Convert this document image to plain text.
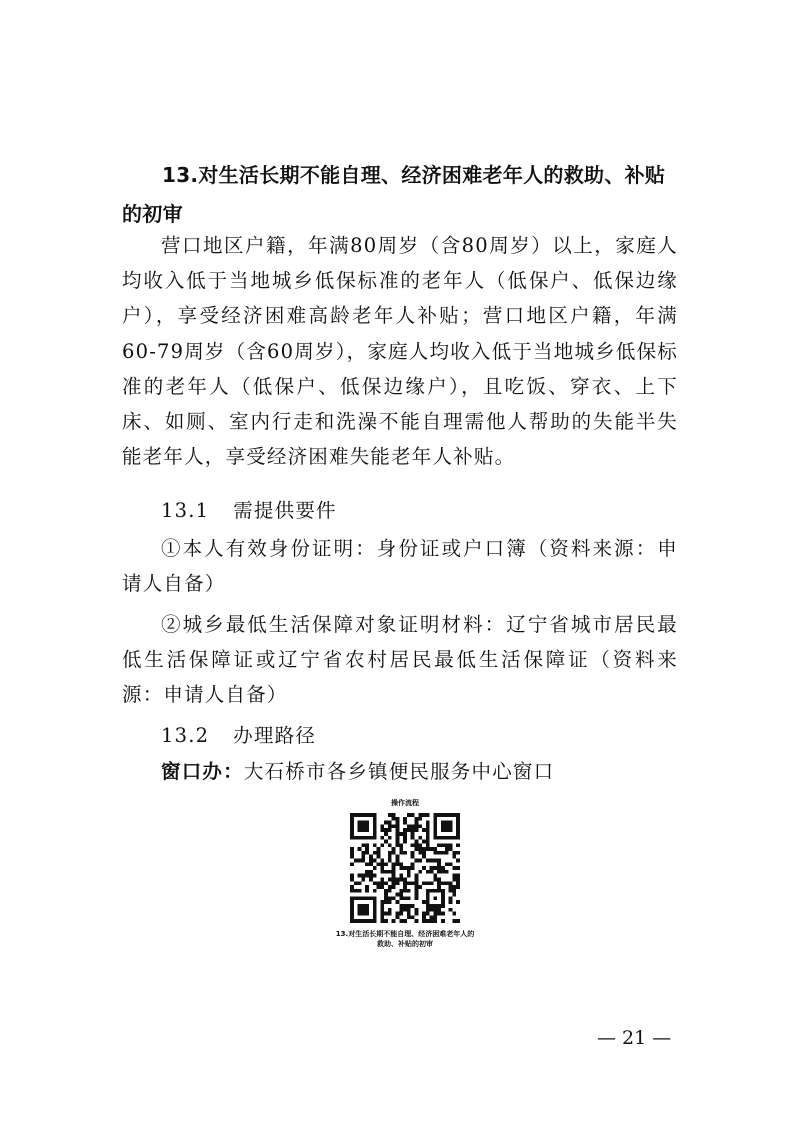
13.对生活长期不能自理、经济困难老年人的救助、补贴的初审

营口地区户籍，年满80周岁（含80周岁）以上，家庭人均收入低于当地城乡低保标准的老年人（低保户、低保边缘户），享受经济困难高龄老年人补贴；营口地区户籍，年满60-79周岁（含60周岁），家庭人均收入低于当地城乡低保标准的老年人（低保户、低保边缘户），且吃饭、穿衣、上下床、如厕、室内行走和洗澡不能自理需他人帮助的失能半失能老年人，享受经济困难失能老年人补贴。

13.1 需提供要件

①本人有效身份证明：身份证或户口簿（资料来源：申请人自备）

②城乡最低生活保障对象证明材料：辽宁省城市居民最低生活保障证或辽宁省农村居民最低生活保障证（资料来源：申请人自备）

13.2 办理路径

窗口办：大石桥市各乡镇便民服务中心窗口

操作流程

13.对生活长期不能自理、经济困难老年人的
救助、补贴的初审

— 21 —
